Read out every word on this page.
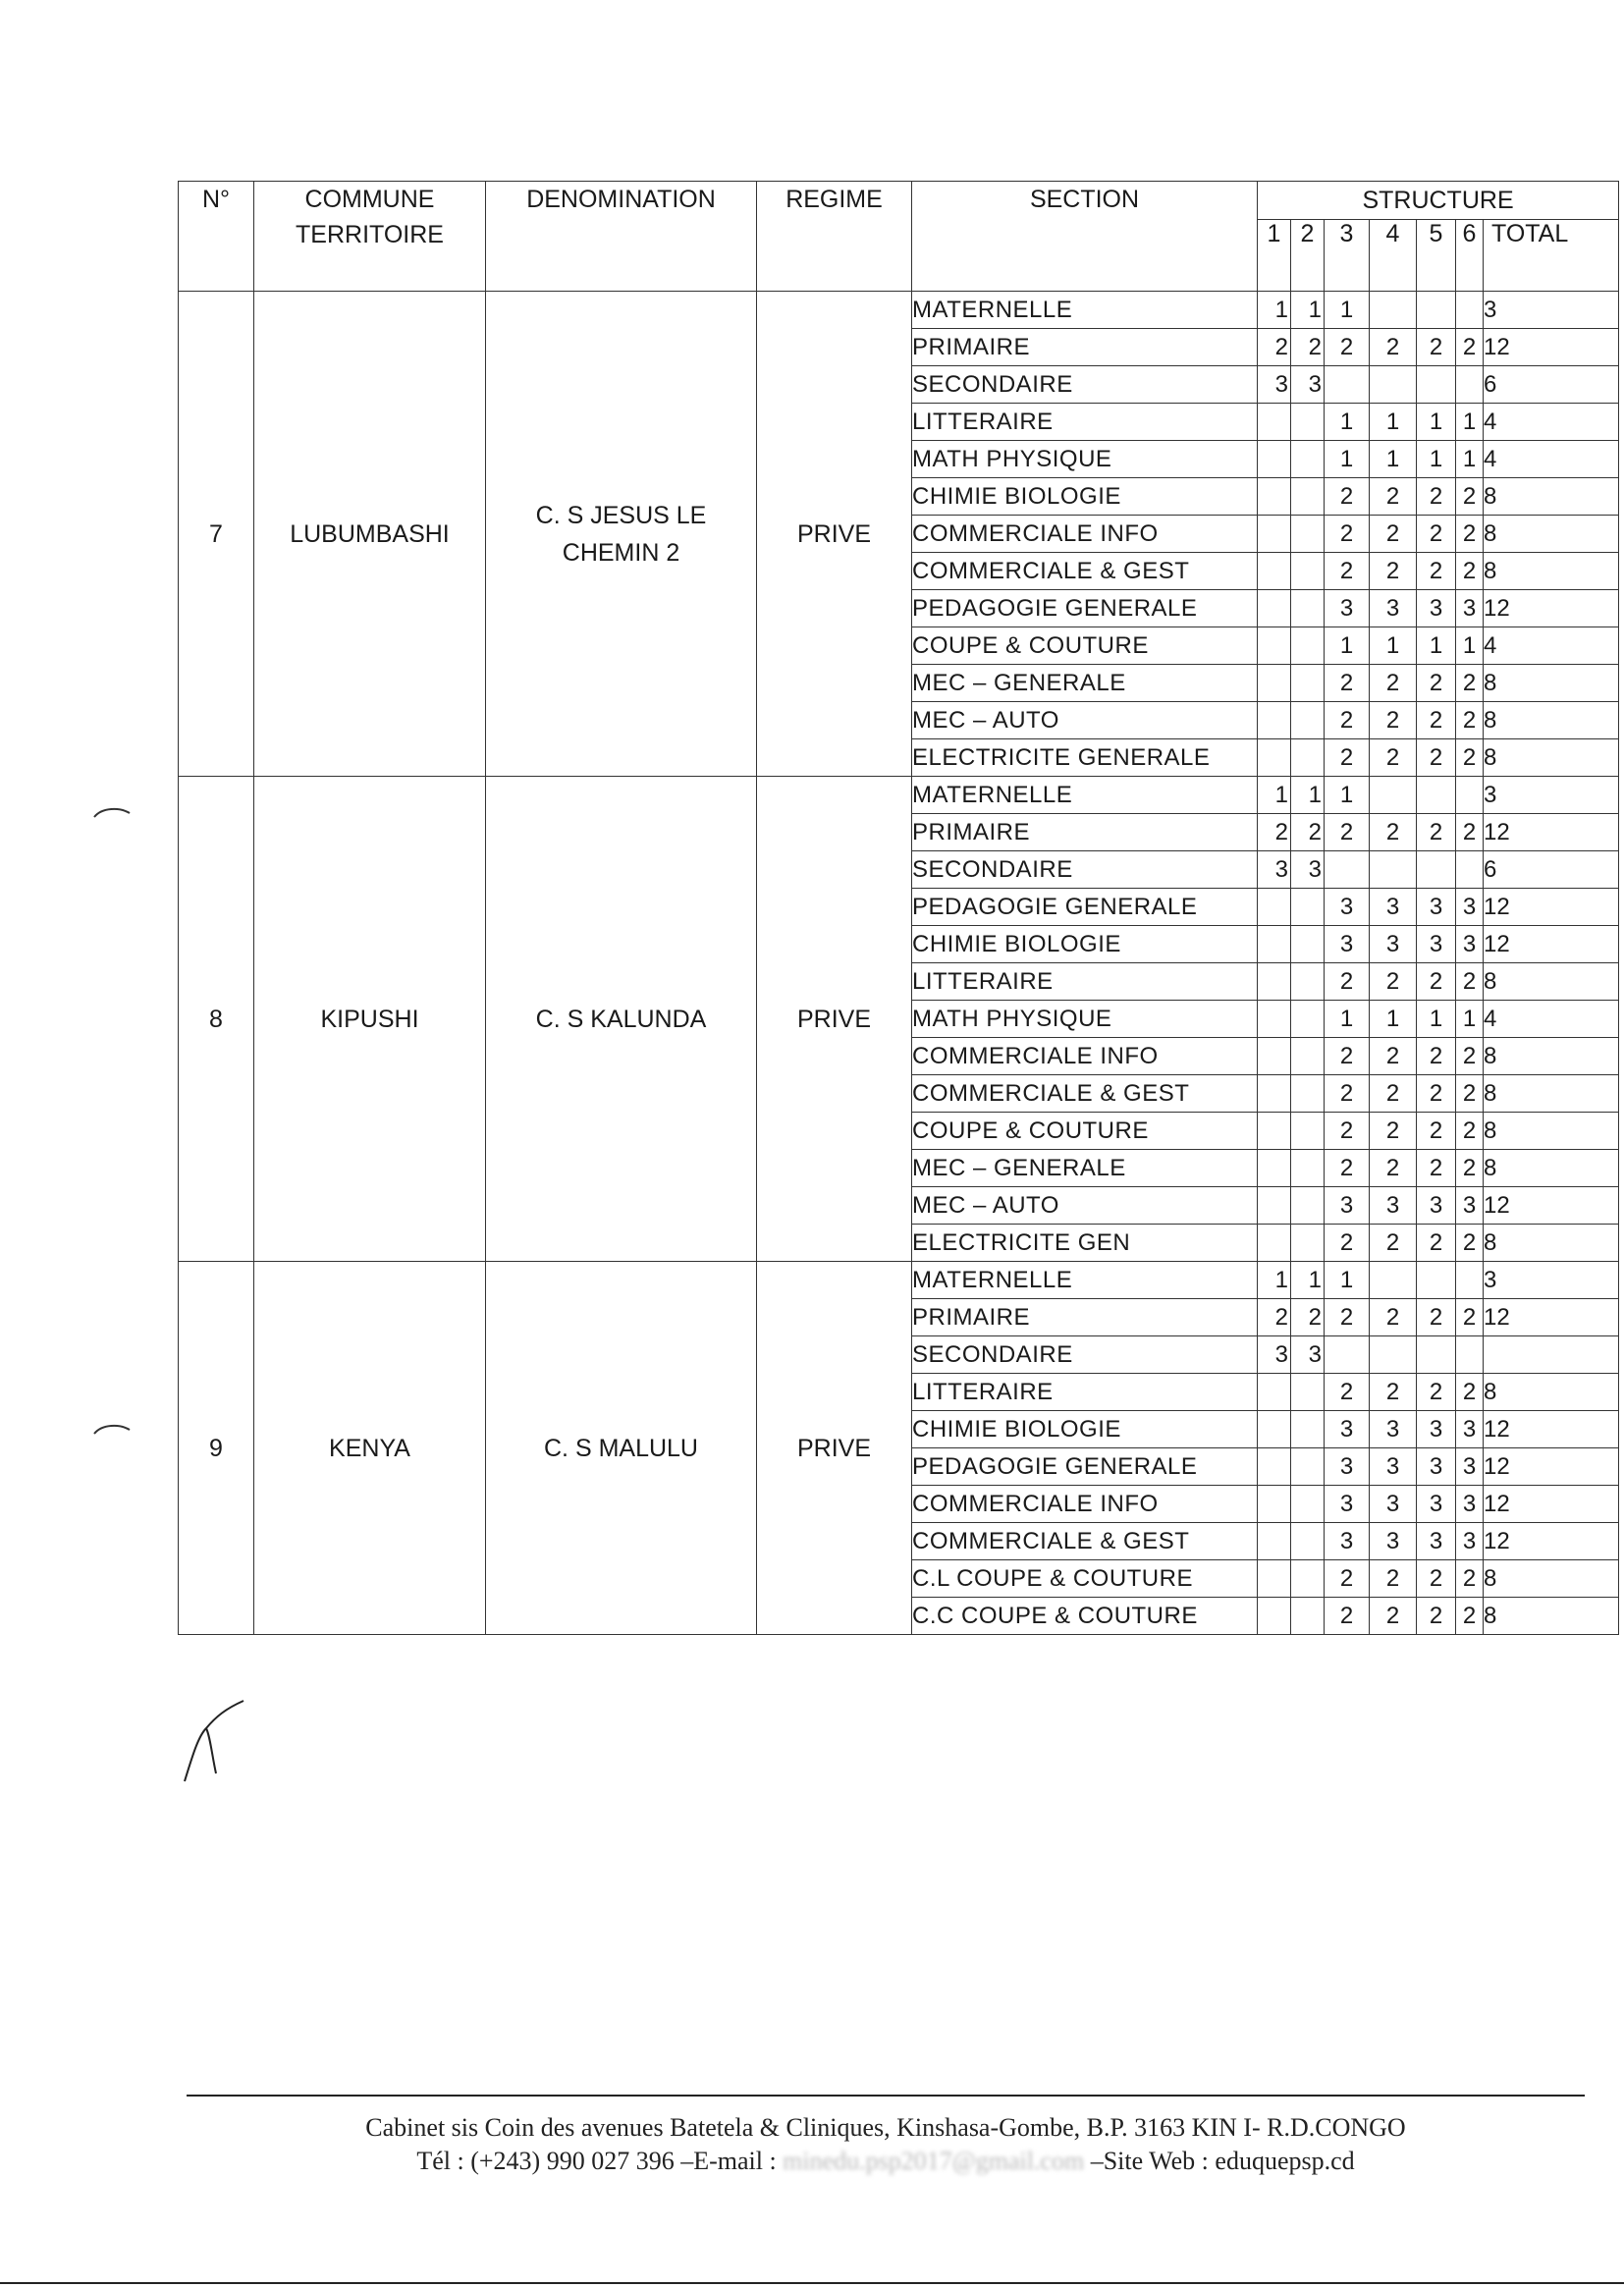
N°	COMMUNE TERRITOIRE	DENOMINATION	REGIME	SECTION	STRUCTURE						
					1	2	3	4	5	6	TOTAL
7	LUBUMBASHI	C. S JESUS LE CHEMIN 2	PRIVE	MATERNELLE	1	1	1				3
				PRIMAIRE	2	2	2	2	2	2	12
				SECONDAIRE	3	3					6
				LITTERAIRE			1	1	1	1	4
				MATH PHYSIQUE			1	1	1	1	4
				CHIMIE BIOLOGIE			2	2	2	2	8
				COMMERCIALE INFO			2	2	2	2	8
				COMMERCIALE & GEST			2	2	2	2	8
				PEDAGOGIE GENERALE			3	3	3	3	12
				COUPE & COUTURE			1	1	1	1	4
				MEC – GENERALE			2	2	2	2	8
				MEC – AUTO			2	2	2	2	8
				ELECTRICITE GENERALE			2	2	2	2	8
8	KIPUSHI	C. S KALUNDA	PRIVE	MATERNELLE	1	1	1				3
				PRIMAIRE	2	2	2	2	2	2	12
				SECONDAIRE	3	3					6
				PEDAGOGIE GENERALE			3	3	3	3	12
				CHIMIE BIOLOGIE			3	3	3	3	12
				LITTERAIRE			2	2	2	2	8
				MATH PHYSIQUE			1	1	1	1	4
				COMMERCIALE INFO			2	2	2	2	8
				COMMERCIALE & GEST			2	2	2	2	8
				COUPE & COUTURE			2	2	2	2	8
				MEC – GENERALE			2	2	2	2	8
				MEC – AUTO			3	3	3	3	12
				ELECTRICITE GEN			2	2	2	2	8
9	KENYA	C. S MALULU	PRIVE	MATERNELLE	1	1	1				3
				PRIMAIRE	2	2	2	2	2	2	12
				SECONDAIRE	3	3					
				LITTERAIRE			2	2	2	2	8
				CHIMIE BIOLOGIE			3	3	3	3	12
				PEDAGOGIE GENERALE			3	3	3	3	12
				COMMERCIALE INFO			3	3	3	3	12
				COMMERCIALE & GEST			3	3	3	3	12
				C.L COUPE & COUTURE			2	2	2	2	8
				C.C COUPE & COUTURE			2	2	2	2	8
Cabinet sis Coin des avenues Batetela & Cliniques, Kinshasa-Gombe, B.P. 3163 KIN I- R.D.CONGO
Tél : (+243) 990 027 396 –E-mail : minedu.psp2017@gmail.com –Site Web : eduquepsp.cd
